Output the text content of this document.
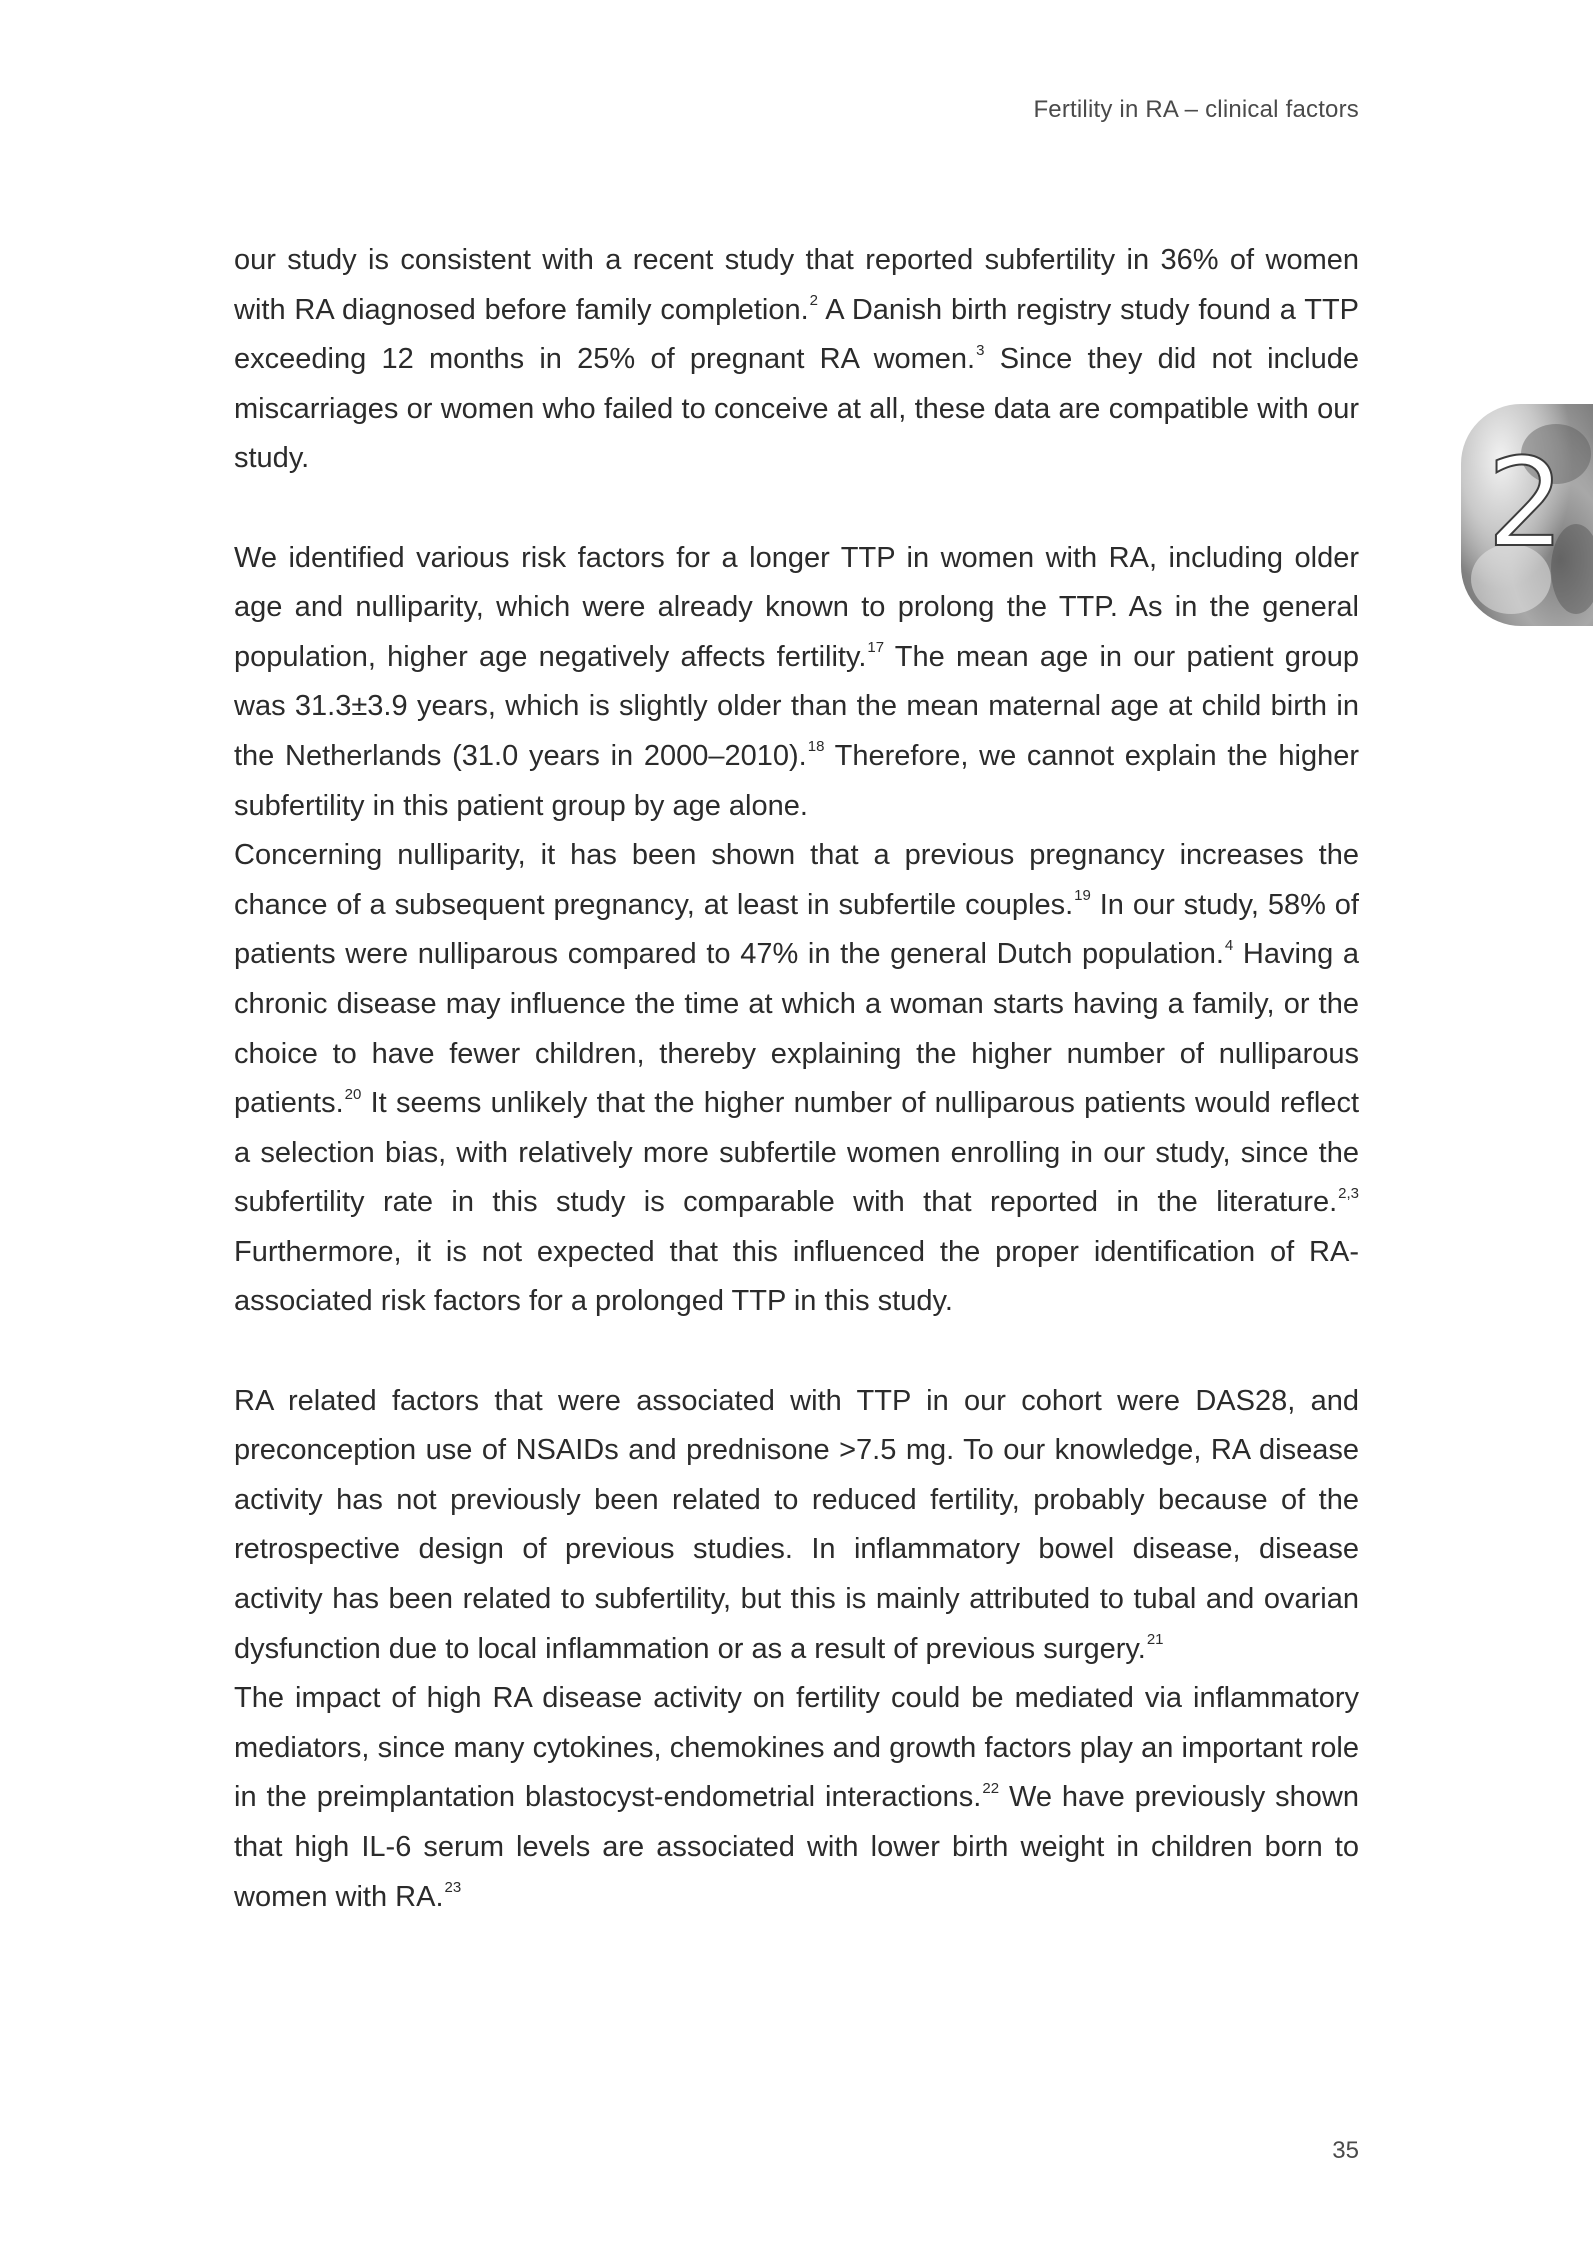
Fertility in RA – clinical factors
2

our study is consistent with a recent study that reported subfertility in 36% of women with RA diagnosed before family completion.$^2$ A Danish birth registry study found a TTP exceeding 12 months in 25% of pregnant RA women.$^3$ Since they did not include miscarriages or women who failed to conceive at all, these data are compatible with our study.

We identified various risk factors for a longer TTP in women with RA, including older age and nulliparity, which were already known to prolong the TTP. As in the general population, higher age negatively affects fertility.$^{17}$ The mean age in our patient group was 31.3±3.9 years, which is slightly older than the mean maternal age at child birth in the Netherlands (31.0 years in 2000–2010).$^{18}$ Therefore, we cannot explain the higher subfertility in this patient group by age alone.

Concerning nulliparity, it has been shown that a previous pregnancy increases the chance of a subsequent pregnancy, at least in subfertile couples.$^{19}$ In our study, 58% of patients were nulliparous compared to 47% in the general Dutch population.$^4$ Having a chronic disease may influence the time at which a woman starts having a family, or the choice to have fewer children, thereby explaining the higher number of nulliparous patients.$^{20}$ It seems unlikely that the higher number of nulliparous patients would reflect a selection bias, with relatively more subfertile women enrolling in our study, since the subfertility rate in this study is comparable with that reported in the literature.$^{2,3}$ Furthermore, it is not expected that this influenced the proper identification of RA-associated risk factors for a prolonged TTP in this study.

RA related factors that were associated with TTP in our cohort were DAS28, and preconception use of NSAIDs and prednisone >7.5 mg. To our knowledge, RA disease activity has not previously been related to reduced fertility, probably because of the retrospective design of previous studies. In inflammatory bowel disease, disease activity has been related to subfertility, but this is mainly attributed to tubal and ovarian dysfunction due to local inflammation or as a result of previous surgery.$^{21}$

The impact of high RA disease activity on fertility could be mediated via inflammatory mediators, since many cytokines, chemokines and growth factors play an important role in the preimplantation blastocyst-endometrial interactions.$^{22}$ We have previously shown that high IL-6 serum levels are associated with lower birth weight in children born to women with RA.$^{23}$

35
